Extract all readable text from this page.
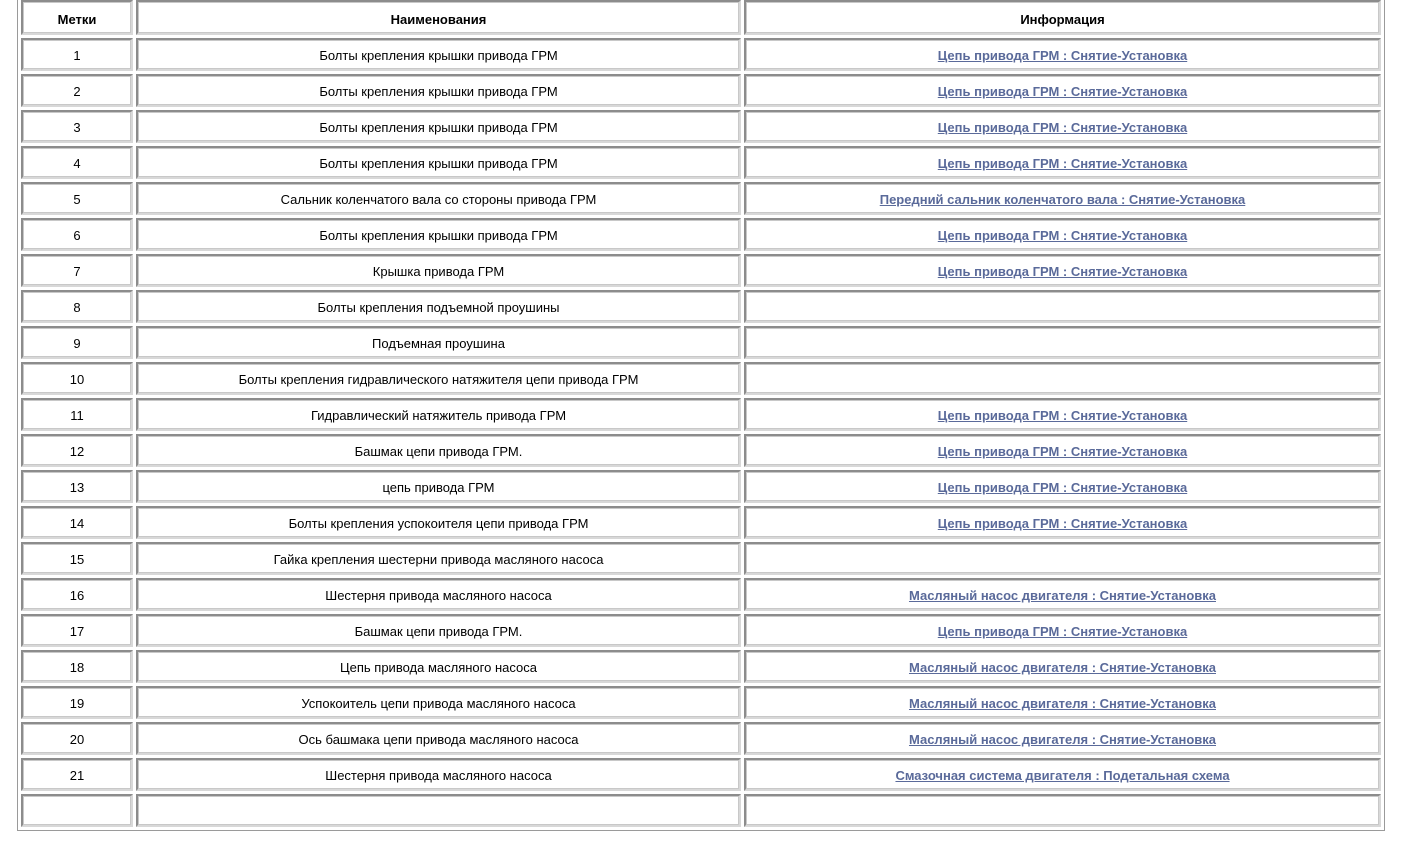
Метки	Наименования	Информация
1	Болты крепления крышки привода ГРМ	Цепь привода ГРМ : Снятие-Установка
2	Болты крепления крышки привода ГРМ	Цепь привода ГРМ : Снятие-Установка
3	Болты крепления крышки привода ГРМ	Цепь привода ГРМ : Снятие-Установка
4	Болты крепления крышки привода ГРМ	Цепь привода ГРМ : Снятие-Установка
5	Сальник коленчатого вала со стороны привода ГРМ	Передний сальник коленчатого вала : Снятие-Установка
6	Болты крепления крышки привода ГРМ	Цепь привода ГРМ : Снятие-Установка
7	Крышка привода ГРМ	Цепь привода ГРМ : Снятие-Установка
8	Болты крепления подъемной проушины	
9	Подъемная проушина	
10	Болты крепления гидравлического натяжителя цепи привода ГРМ	
11	Гидравлический натяжитель привода ГРМ	Цепь привода ГРМ : Снятие-Установка
12	Башмак цепи привода ГРМ.	Цепь привода ГРМ : Снятие-Установка
13	цепь привода ГРМ	Цепь привода ГРМ : Снятие-Установка
14	Болты крепления успокоителя цепи привода ГРМ	Цепь привода ГРМ : Снятие-Установка
15	Гайка крепления шестерни привода масляного насоса	
16	Шестерня привода масляного насоса	Масляный насос двигателя : Снятие-Установка
17	Башмак цепи привода ГРМ.	Цепь привода ГРМ : Снятие-Установка
18	Цепь привода масляного насоса	Масляный насос двигателя : Снятие-Установка
19	Успокоитель цепи привода масляного насоса	Масляный насос двигателя : Снятие-Установка
20	Ось башмака цепи привода масляного насоса	Масляный насос двигателя : Снятие-Установка
21	Шестерня привода масляного насоса	Смазочная система двигателя : Подетальная схема
